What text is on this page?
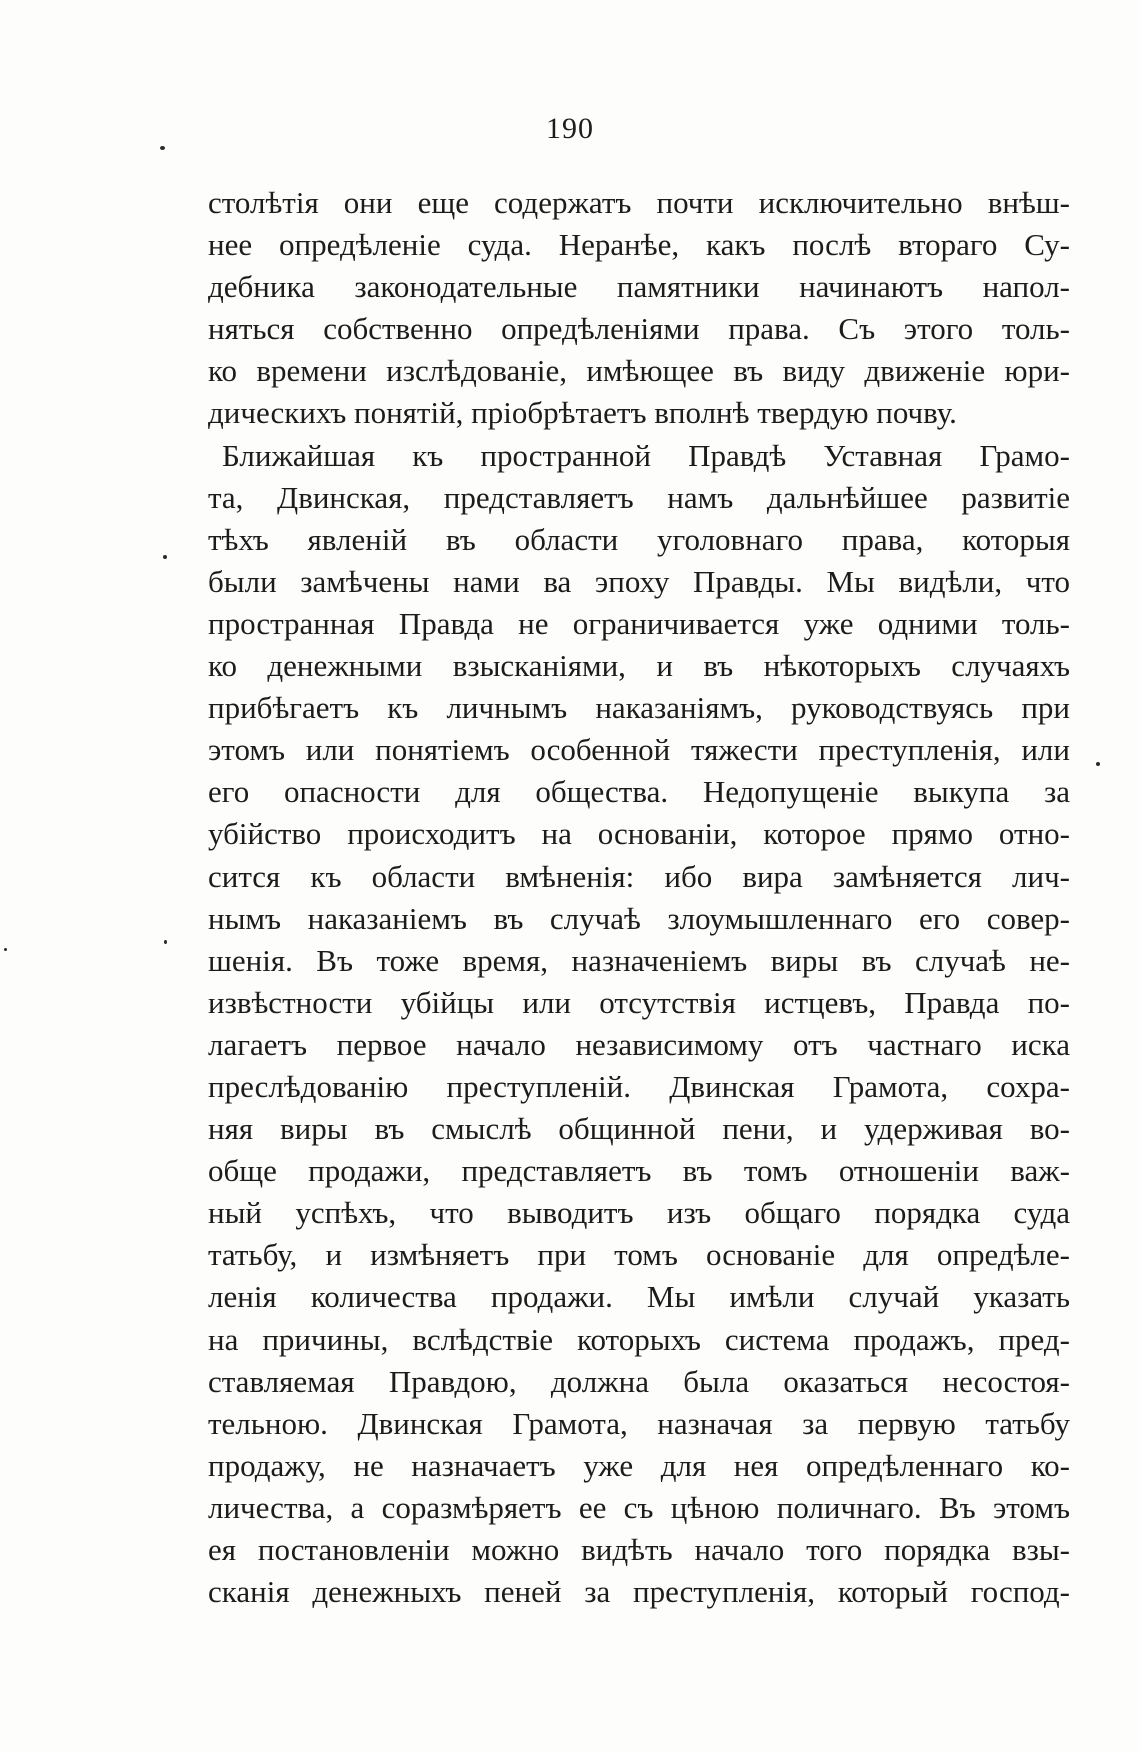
190
столѣтія они еще содержатъ почти исключительно внѣш-
нее опредѣленіе суда. Неранѣе, какъ послѣ втораго Су-
дебника законодательные памятники начинаютъ напол-
няться собственно опредѣленіями права. Съ этого толь-
ко времени изслѣдованіе, имѣющее въ виду движеніе юри-
дическихъ понятій, пріобрѣтаетъ вполнѣ твердую почву.
Ближайшая къ пространной Правдѣ Уставная Грамо-
та, Двинская, представляетъ намъ дальнѣйшее развитіе
тѣхъ явленій въ области уголовнаго права, которыя
были замѣчены нами ва эпоху Правды. Мы видѣли, что
пространная Правда не ограничивается уже одними толь-
ко денежными взысканіями, и въ нѣкоторыхъ случаяхъ
прибѣгаетъ къ личнымъ наказаніямъ, руководствуясь при
этомъ или понятіемъ особенной тяжести преступленія, или
его опасности для общества. Недопущеніе выкупа за
убійство происходитъ на основаніи, которое прямо отно-
сится къ области вмѣненія: ибо вира замѣняется лич-
нымъ наказаніемъ въ случаѣ злоумышленнаго его совер-
шенія. Въ тоже время, назначеніемъ виры въ случаѣ не-
извѣстности убійцы или отсутствія истцевъ, Правда по-
лагаетъ первое начало независимому отъ частнаго иска
преслѣдованію преступленій. Двинская Грамота, сохра-
няя виры въ смыслѣ общинной пени, и удерживая во-
обще продажи, представляетъ въ томъ отношеніи важ-
ный успѣхъ, что выводитъ изъ общаго порядка суда
татьбу, и измѣняетъ при томъ основаніе для опредѣле-
ленія количества продажи. Мы имѣли случай указать
на причины, вслѣдствіе которыхъ система продажъ, пред-
ставляемая Правдою, должна была оказаться несостоя-
тельною. Двинская Грамота, назначая за первую татьбу
продажу, не назначаетъ уже для нея опредѣленнаго ко-
личества, а соразмѣряетъ ее съ цѣною поличнаго. Въ этомъ
ея постановленіи можно видѣть начало того порядка взы-
сканія денежныхъ пеней за преступленія, который господ-
